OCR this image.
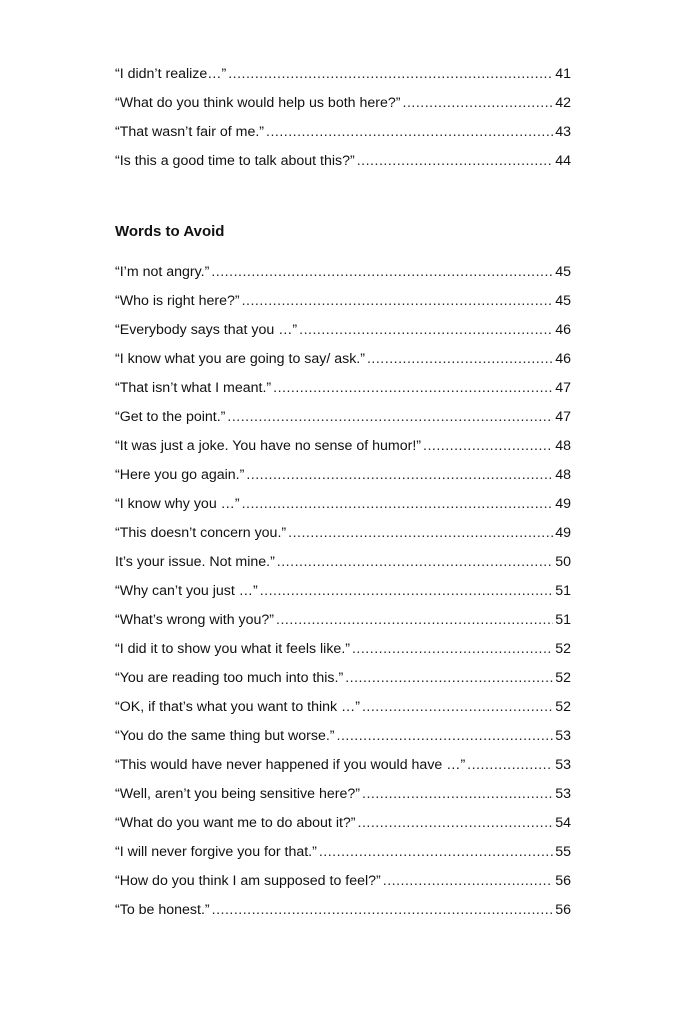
“I didn’t realize…” .....	41
“What do you think would help us both here?” .....	42
“That wasn’t fair of me.” .....	43
“Is this a good time to talk about this?” .....	44
Words to Avoid
“I’m not angry.” .....	45
“Who is right here?” .....	45
“Everybody says that you …” .....	46
“I know what you are going to say/ ask.” .....	46
“That isn’t what I meant.” .....	47
“Get to the point.” .....	47
“It was just a joke. You have no sense of humor!” .....	48
“Here you go again.” .....	48
“I know why you …” .....	49
“This doesn’t concern you.” .....	49
It’s your issue. Not mine.” .....	50
“Why can’t you just …” .....	51
“What’s wrong with you?” .....	51
“I did it to show you what it feels like.” .....	52
“You are reading too much into this.” .....	52
“OK, if that’s what you want to think …” .....	52
“You do the same thing but worse.” .....	53
“This would have never happened if you would have …” .....	53
“Well, aren’t you being sensitive here?” .....	53
“What do you want me to do about it?” .....	54
“I will never forgive you for that.” .....	55
“How do you think I am supposed to feel?” .....	56
“To be honest.” .....	56
